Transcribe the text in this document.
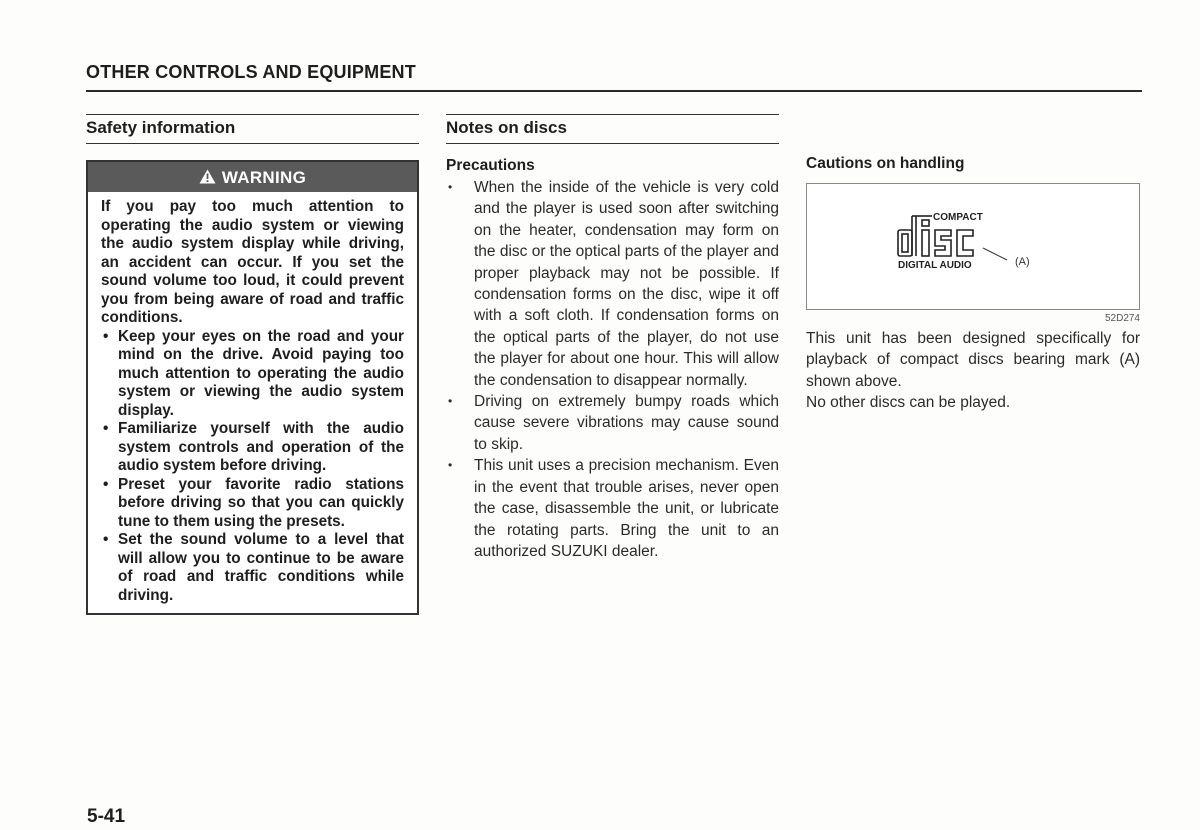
OTHER CONTROLS AND EQUIPMENT
Safety information
WARNING

If you pay too much attention to operating the audio system or viewing the audio system display while driving, an accident can occur. If you set the sound volume too loud, it could prevent you from being aware of road and traffic conditions.

• Keep your eyes on the road and your mind on the drive. Avoid paying too much attention to operating the audio system or viewing the audio system display.
• Familiarize yourself with the audio system controls and operation of the audio system before driving.
• Preset your favorite radio stations before driving so that you can quickly tune to them using the presets.
• Set the sound volume to a level that will allow you to continue to be aware of road and traffic conditions while driving.
Notes on discs
Precautions
• When the inside of the vehicle is very cold and the player is used soon after switching on the heater, condensation may form on the disc or the optical parts of the player and proper playback may not be possible. If condensation forms on the disc, wipe it off with a soft cloth. If condensation forms on the optical parts of the player, do not use the player for about one hour. This will allow the condensation to disappear normally.
• Driving on extremely bumpy roads which cause severe vibrations may cause sound to skip.
• This unit uses a precision mechanism. Even in the event that trouble arises, never open the case, disassemble the unit, or lubricate the rotating parts. Bring the unit to an authorized SUZUKI dealer.
Cautions on handling
COMPACT
DIGITAL AUDIO	(A)
52D274

This unit has been designed specifically for playback of compact discs bearing mark (A) shown above.

No other discs can be played.

5-41
